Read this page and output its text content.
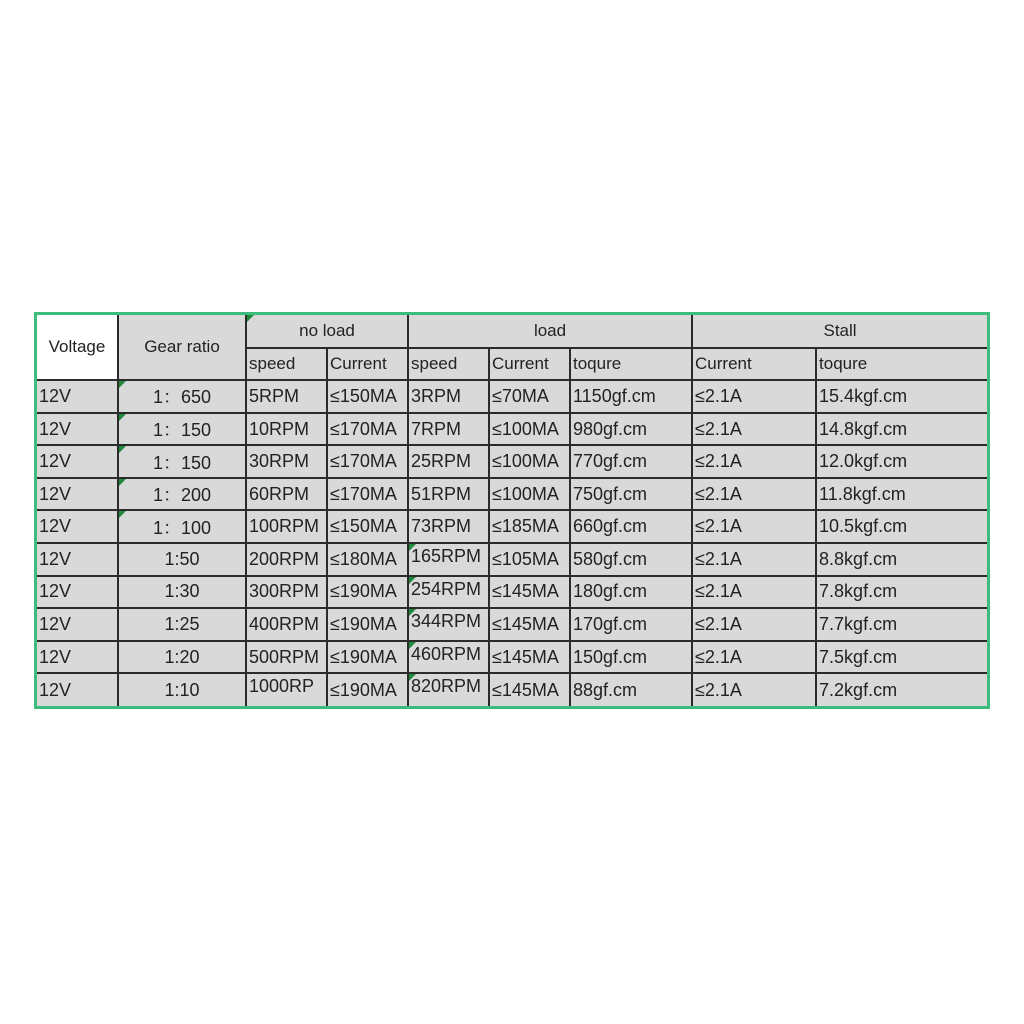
Voltage	Gear ratio	no load		load			Stall	
		speed	Current	speed	Current	toqure	Current	toqure
12V	1：650	5RPM	≤150MA	3RPM	≤70MA	1150gf.cm	≤2.1A	15.4kgf.cm
12V	1：150	10RPM	≤170MA	7RPM	≤100MA	980gf.cm	≤2.1A	14.8kgf.cm
12V	1：150	30RPM	≤170MA	25RPM	≤100MA	770gf.cm	≤2.1A	12.0kgf.cm
12V	1：200	60RPM	≤170MA	51RPM	≤100MA	750gf.cm	≤2.1A	11.8kgf.cm
12V	1：100	100RPM	≤150MA	73RPM	≤185MA	660gf.cm	≤2.1A	10.5kgf.cm
12V	1:50	200RPM	≤180MA	165RPM	≤105MA	580gf.cm	≤2.1A	8.8kgf.cm
12V	1:30	300RPM	≤190MA	254RPM	≤145MA	180gf.cm	≤2.1A	7.8kgf.cm
12V	1:25	400RPM	≤190MA	344RPM	≤145MA	170gf.cm	≤2.1A	7.7kgf.cm
12V	1:20	500RPM	≤190MA	460RPM	≤145MA	150gf.cm	≤2.1A	7.5kgf.cm
12V	1:10	1000RP	≤190MA	820RPM	≤145MA	88gf.cm	≤2.1A	7.2kgf.cm
